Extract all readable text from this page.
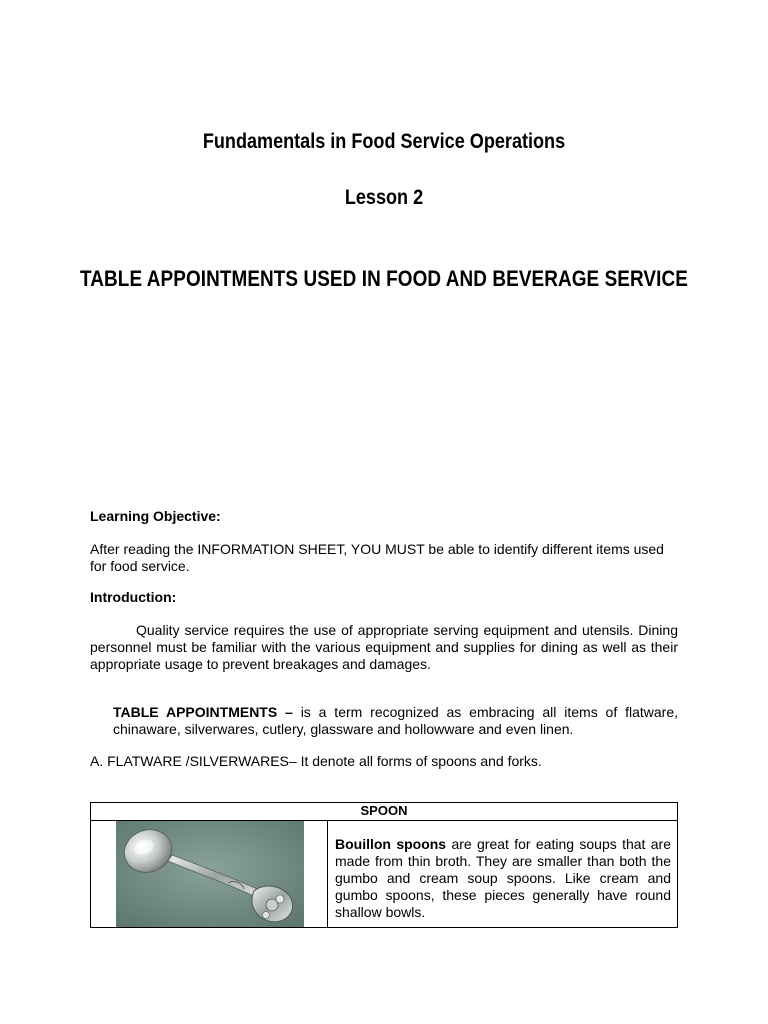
Fundamentals in Food Service Operations
Lesson 2
TABLE APPOINTMENTS USED IN FOOD AND BEVERAGE SERVICE
Learning Objective:
After reading the INFORMATION SHEET, YOU MUST be able to identify different items used for food service.
Introduction:
Quality service requires the use of appropriate serving equipment and utensils. Dining personnel must be familiar with the various equipment and supplies for dining as well as their appropriate usage to prevent breakages and damages.
TABLE APPOINTMENTS – is a term recognized as embracing all items of flatware, chinaware, silverwares, cutlery, glassware and hollowware and even linen.
A. FLATWARE /SILVERWARES– It denote all forms of spoons and forks.
SPOON
Bouillon spoons are great for eating soups that are made from thin broth. They are smaller than both the gumbo and cream soup spoons. Like cream and gumbo spoons, these pieces generally have round shallow bowls.
